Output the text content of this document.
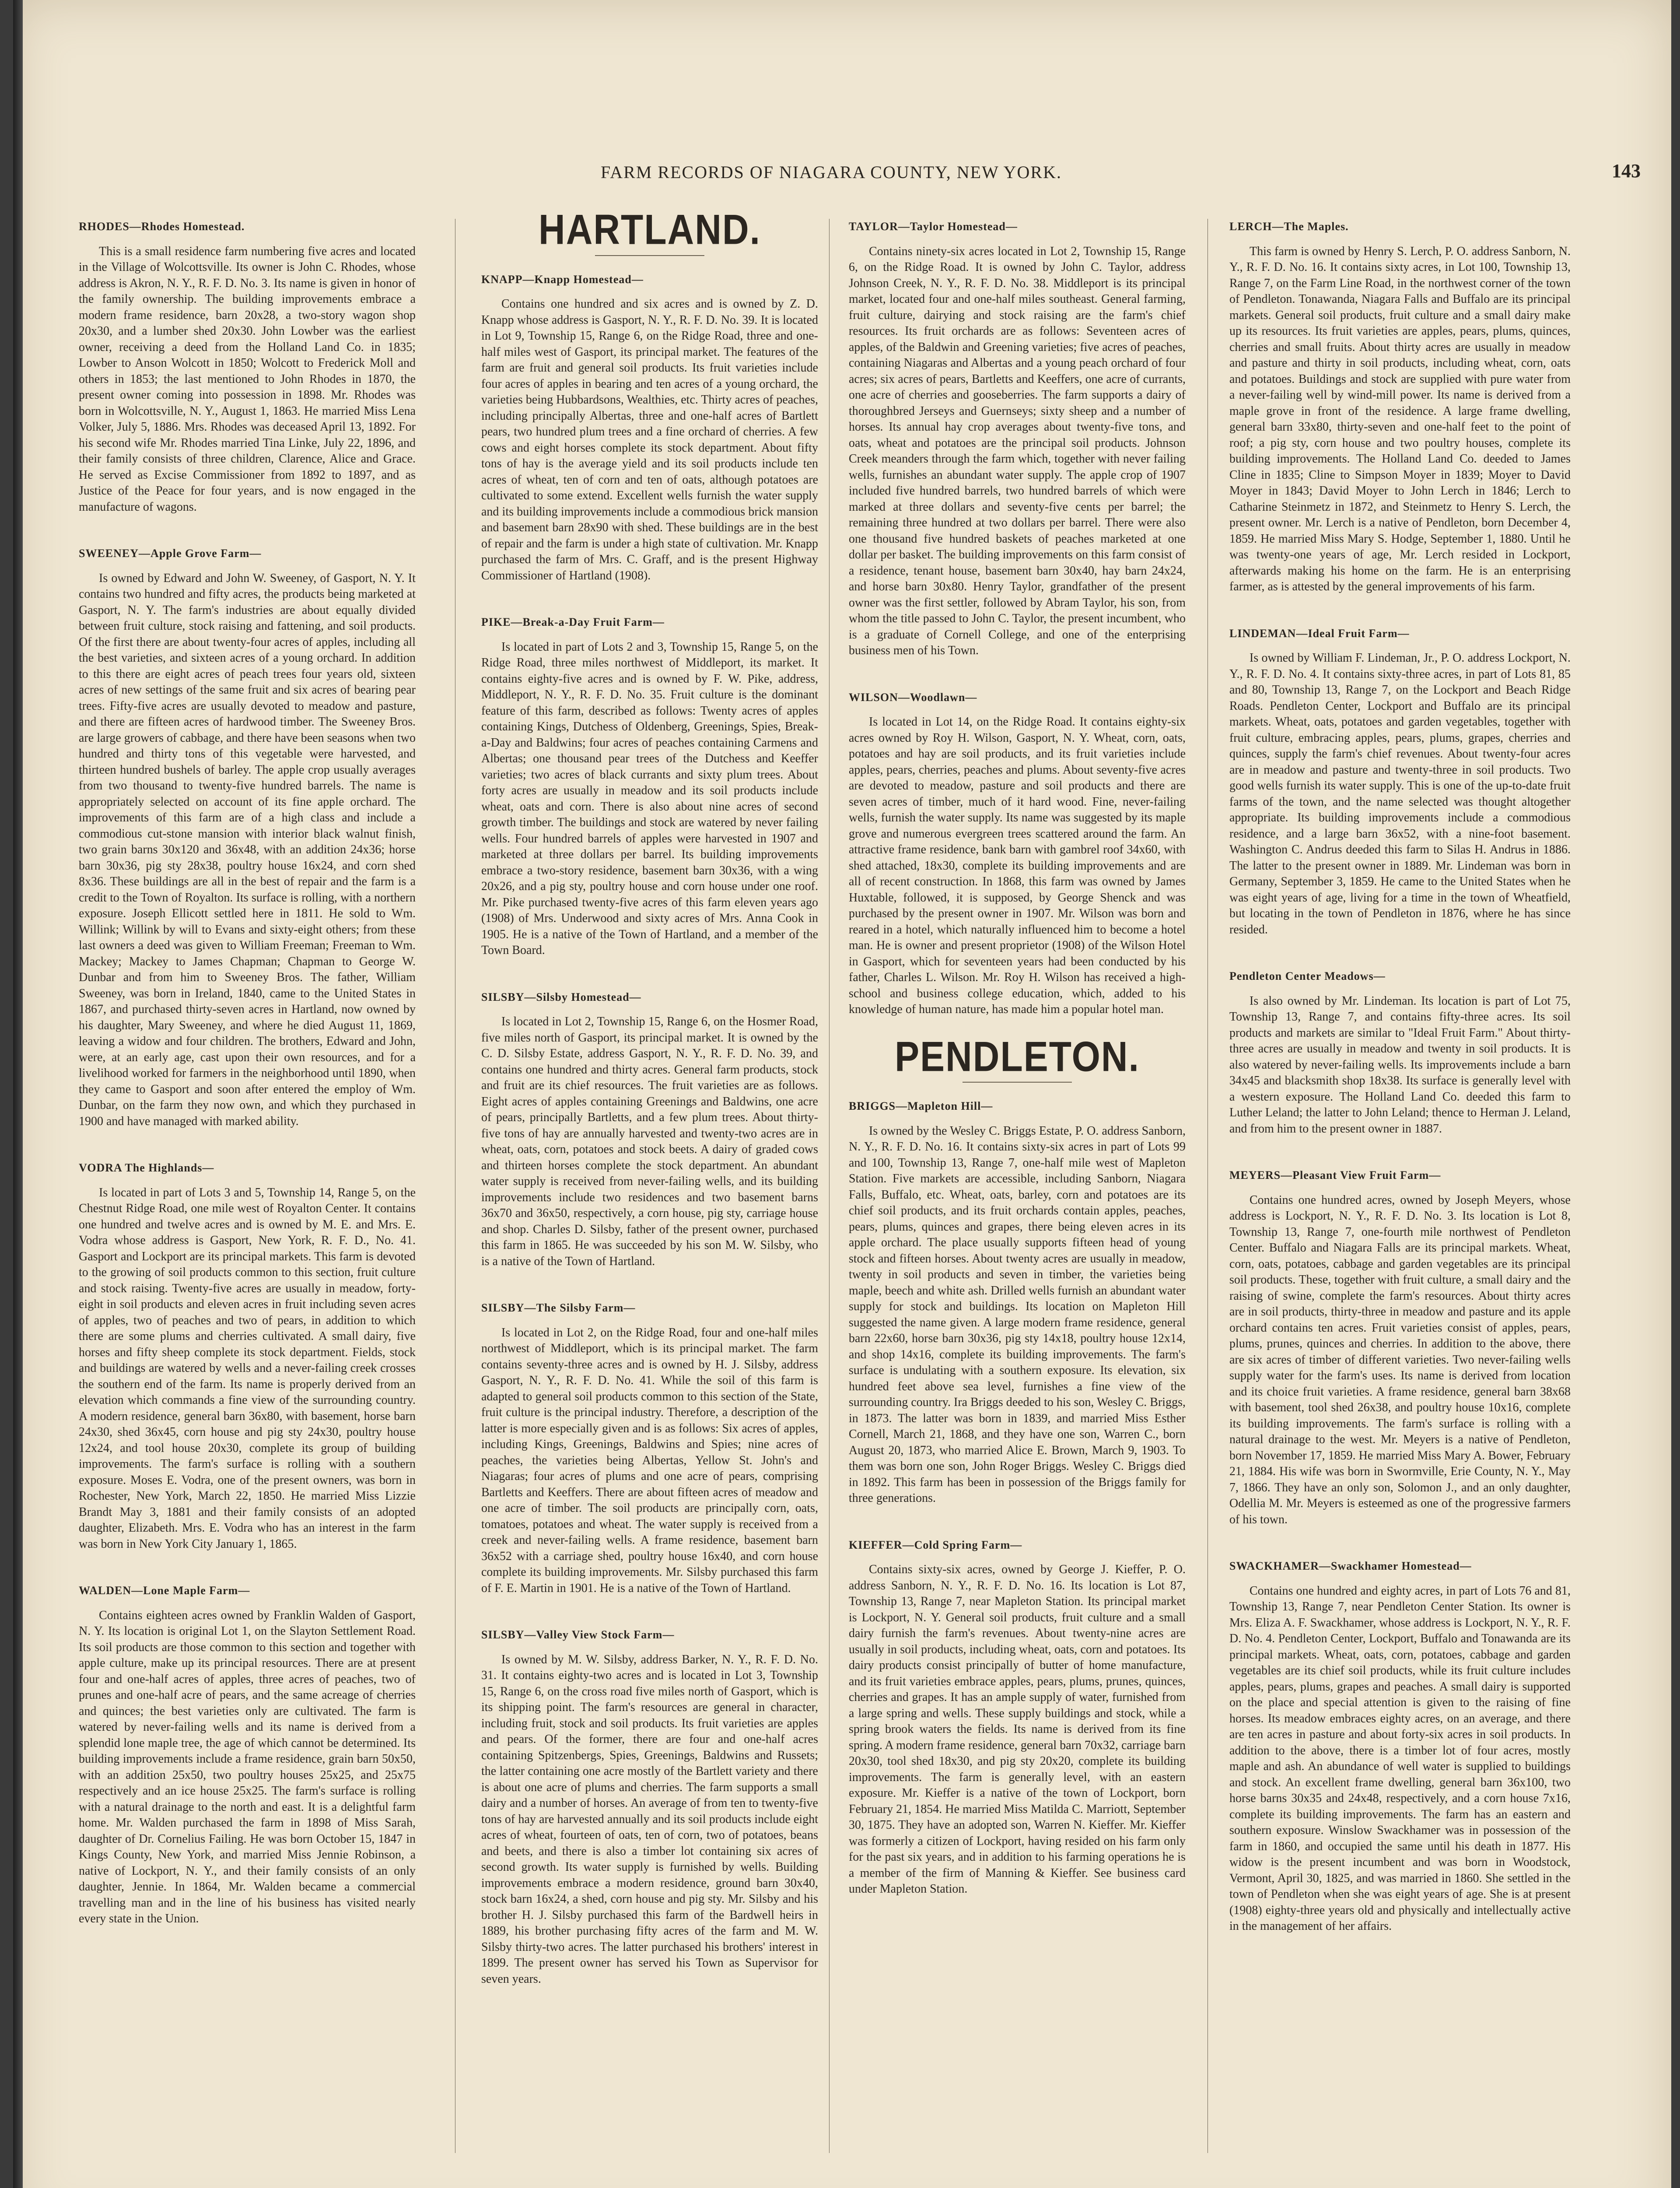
FARM RECORDS OF NIAGARA COUNTY, NEW YORK.	143
RHODES—Rhodes Homestead.
This is a small residence farm numbering five acres and located in the Village of Wolcottsville. Its owner is John C. Rhodes, whose address is Akron, N. Y., R. F. D. No. 3. Its name is given in honor of the family ownership. The building improvements embrace a modern frame residence, barn 20x28, a two-story wagon shop 20x30, and a lumber shed 20x30. John Lowber was the earliest owner, receiving a deed from the Holland Land Co. in 1835; Lowber to Anson Wolcott in 1850; Wolcott to Frederick Moll and others in 1853; the last mentioned to John Rhodes in 1870, the present owner coming into possession in 1898. Mr. Rhodes was born in Wolcottsville, N. Y., August 1, 1863. He married Miss Lena Volker, July 5, 1886. Mrs. Rhodes was deceased April 13, 1892. For his second wife Mr. Rhodes married Tina Linke, July 22, 1896, and their family consists of three children, Clarence, Alice and Grace. He served as Excise Commissioner from 1892 to 1897, and as Justice of the Peace for four years, and is now engaged in the manufacture of wagons.
SWEENEY—Apple Grove Farm—
Is owned by Edward and John W. Sweeney, of Gasport, N. Y. It contains two hundred and fifty acres, the products being marketed at Gasport, N. Y. The farm's industries are about equally divided between fruit culture, stock raising and fattening, and soil products. Of the first there are about twenty-four acres of apples, including all the best varieties, and sixteen acres of a young orchard. In addition to this there are eight acres of peach trees four years old, sixteen acres of new settings of the same fruit and six acres of bearing pear trees. Fifty-five acres are usually devoted to meadow and pasture, and there are fifteen acres of hardwood timber. The Sweeney Bros. are large growers of cabbage, and there have been seasons when two hundred and thirty tons of this vegetable were harvested, and thirteen hundred bushels of barley. The apple crop usually averages from two thousand to twenty-five hundred barrels. The name is appropriately selected on account of its fine apple orchard. The improvements of this farm are of a high class and include a commodious cut-stone mansion with interior black walnut finish, two grain barns 30x120 and 36x48, with an addition 24x36; horse barn 30x36, pig sty 28x38, poultry house 16x24, and corn shed 8x36. These buildings are all in the best of repair and the farm is a credit to the Town of Royalton. Its surface is rolling, with a northern exposure. Joseph Ellicott settled here in 1811. He sold to Wm. Willink; Willink by will to Evans and sixty-eight others; from these last owners a deed was given to William Freeman; Freeman to Wm. Mackey; Mackey to James Chapman; Chapman to George W. Dunbar and from him to Sweeney Bros. The father, William Sweeney, was born in Ireland, 1840, came to the United States in 1867, and purchased thirty-seven acres in Hartland, now owned by his daughter, Mary Sweeney, and where he died August 11, 1869, leaving a widow and four children. The brothers, Edward and John, were, at an early age, cast upon their own resources, and for a livelihood worked for farmers in the neighborhood until 1890, when they came to Gasport and soon after entered the employ of Wm. Dunbar, on the farm they now own, and which they purchased in 1900 and have managed with marked ability.
VODRA The Highlands—
Is located in part of Lots 3 and 5, Township 14, Range 5, on the Chestnut Ridge Road, one mile west of Royalton Center. It contains one hundred and twelve acres and is owned by M. E. and Mrs. E. Vodra whose address is Gasport, New York, R. F. D., No. 41. Gasport and Lockport are its principal markets. This farm is devoted to the growing of soil products common to this section, fruit culture and stock raising. Twenty-five acres are usually in meadow, forty-eight in soil products and eleven acres in fruit including seven acres of apples, two of peaches and two of pears, in addition to which there are some plums and cherries cultivated. A small dairy, five horses and fifty sheep complete its stock department. Fields, stock and buildings are watered by wells and a never-failing creek crosses the southern end of the farm. Its name is properly derived from an elevation which commands a fine view of the surrounding country. A modern residence, general barn 36x80, with basement, horse barn 24x30, shed 36x45, corn house and pig sty 24x30, poultry house 12x24, and tool house 20x30, complete its group of building improvements. The farm's surface is rolling with a southern exposure. Moses E. Vodra, one of the present owners, was born in Rochester, New York, March 22, 1850. He married Miss Lizzie Brandt May 3, 1881 and their family consists of an adopted daughter, Elizabeth. Mrs. E. Vodra who has an interest in the farm was born in New York City January 1, 1865.
WALDEN—Lone Maple Farm—
Contains eighteen acres owned by Franklin Walden of Gasport, N. Y. Its location is original Lot 1, on the Slayton Settlement Road. Its soil products are those common to this section and together with apple culture, make up its principal resources. There are at present four and one-half acres of apples, three acres of peaches, two of prunes and one-half acre of pears, and the same acreage of cherries and quinces; the best varieties only are cultivated. The farm is watered by never-failing wells and its name is derived from a splendid lone maple tree, the age of which cannot be determined. Its building improvements include a frame residence, grain barn 50x50, with an addition 25x50, two poultry houses 25x25, and 25x75 respectively and an ice house 25x25. The farm's surface is rolling with a natural drainage to the north and east. It is a delightful farm home. Mr. Walden purchased the farm in 1898 of Miss Sarah, daughter of Dr. Cornelius Failing. He was born October 15, 1847 in Kings County, New York, and married Miss Jennie Robinson, a native of Lockport, N. Y., and their family consists of an only daughter, Jennie. In 1864, Mr. Walden became a commercial travelling man and in the line of his business has visited nearly every state in the Union.
HARTLAND.
KNAPP—Knapp Homestead—
Contains one hundred and six acres and is owned by Z. D. Knapp whose address is Gasport, N. Y., R. F. D. No. 39. It is located in Lot 9, Township 15, Range 6, on the Ridge Road, three and one-half miles west of Gasport, its principal market. The features of the farm are fruit and general soil products. Its fruit varieties include four acres of apples in bearing and ten acres of a young orchard, the varieties being Hubbardsons, Wealthies, etc. Thirty acres of peaches, including principally Albertas, three and one-half acres of Bartlett pears, two hundred plum trees and a fine orchard of cherries. A few cows and eight horses complete its stock department. About fifty tons of hay is the average yield and its soil products include ten acres of wheat, ten of corn and ten of oats, although potatoes are cultivated to some extend. Excellent wells furnish the water supply and its building improvements include a commodious brick mansion and basement barn 28x90 with shed. These buildings are in the best of repair and the farm is under a high state of cultivation. Mr. Knapp purchased the farm of Mrs. C. Graff, and is the present Highway Commissioner of Hartland (1908).
PIKE—Break-a-Day Fruit Farm—
Is located in part of Lots 2 and 3, Township 15, Range 5, on the Ridge Road, three miles northwest of Middleport, its market. It contains eighty-five acres and is owned by F. W. Pike, address, Middleport, N. Y., R. F. D. No. 35. Fruit culture is the dominant feature of this farm, described as follows: Twenty acres of apples containing Kings, Dutchess of Oldenberg, Greenings, Spies, Break-a-Day and Baldwins; four acres of peaches containing Carmens and Albertas; one thousand pear trees of the Dutchess and Keeffer varieties; two acres of black currants and sixty plum trees. About forty acres are usually in meadow and its soil products include wheat, oats and corn. There is also about nine acres of second growth timber. The buildings and stock are watered by never failing wells. Four hundred barrels of apples were harvested in 1907 and marketed at three dollars per barrel. Its building improvements embrace a two-story residence, basement barn 30x36, with a wing 20x26, and a pig sty, poultry house and corn house under one roof. Mr. Pike purchased twenty-five acres of this farm eleven years ago (1908) of Mrs. Underwood and sixty acres of Mrs. Anna Cook in 1905. He is a native of the Town of Hartland, and a member of the Town Board.
SILSBY—Silsby Homestead—
Is located in Lot 2, Township 15, Range 6, on the Hosmer Road, five miles north of Gasport, its principal market. It is owned by the C. D. Silsby Estate, address Gasport, N. Y., R. F. D. No. 39, and contains one hundred and thirty acres. General farm products, stock and fruit are its chief resources. The fruit varieties are as follows. Eight acres of apples containing Greenings and Baldwins, one acre of pears, principally Bartletts, and a few plum trees. About thirty-five tons of hay are annually harvested and twenty-two acres are in wheat, oats, corn, potatoes and stock beets. A dairy of graded cows and thirteen horses complete the stock department. An abundant water supply is received from never-failing wells, and its building improvements include two residences and two basement barns 36x70 and 36x50, respectively, a corn house, pig sty, carriage house and shop. Charles D. Silsby, father of the present owner, purchased this farm in 1865. He was succeeded by his son M. W. Silsby, who is a native of the Town of Hartland.
SILSBY—The Silsby Farm—
Is located in Lot 2, on the Ridge Road, four and one-half miles northwest of Middleport, which is its principal market. The farm contains seventy-three acres and is owned by H. J. Silsby, address Gasport, N. Y., R. F. D. No. 41. While the soil of this farm is adapted to general soil products common to this section of the State, fruit culture is the principal industry. Therefore, a description of the latter is more especially given and is as follows: Six acres of apples, including Kings, Greenings, Baldwins and Spies; nine acres of peaches, the varieties being Albertas, Yellow St. John's and Niagaras; four acres of plums and one acre of pears, comprising Bartletts and Keeffers. There are about fifteen acres of meadow and one acre of timber. The soil products are principally corn, oats, tomatoes, potatoes and wheat. The water supply is received from a creek and never-failing wells. A frame residence, basement barn 36x52 with a carriage shed, poultry house 16x40, and corn house complete its building improvements. Mr. Silsby purchased this farm of F. E. Martin in 1901. He is a native of the Town of Hartland.
SILSBY—Valley View Stock Farm—
Is owned by M. W. Silsby, address Barker, N. Y., R. F. D. No. 31. It contains eighty-two acres and is located in Lot 3, Township 15, Range 6, on the cross road five miles north of Gasport, which is its shipping point. The farm's resources are general in character, including fruit, stock and soil products. Its fruit varieties are apples and pears. Of the former, there are four and one-half acres containing Spitzenbergs, Spies, Greenings, Baldwins and Russets; the latter containing one acre mostly of the Bartlett variety and there is about one acre of plums and cherries. The farm supports a small dairy and a number of horses. An average of from ten to twenty-five tons of hay are harvested annually and its soil products include eight acres of wheat, fourteen of oats, ten of corn, two of potatoes, beans and beets, and there is also a timber lot containing six acres of second growth. Its water supply is furnished by wells. Building improvements embrace a modern residence, ground barn 30x40, stock barn 16x24, a shed, corn house and pig sty. Mr. Silsby and his brother H. J. Silsby purchased this farm of the Bardwell heirs in 1889, his brother purchasing fifty acres of the farm and M. W. Silsby thirty-two acres. The latter purchased his brothers' interest in 1899. The present owner has served his Town as Supervisor for seven years.
TAYLOR—Taylor Homestead—
Contains ninety-six acres located in Lot 2, Township 15, Range 6, on the Ridge Road. It is owned by John C. Taylor, address Johnson Creek, N. Y., R. F. D. No. 38. Middleport is its principal market, located four and one-half miles southeast. General farming, fruit culture, dairying and stock raising are the farm's chief resources. Its fruit orchards are as follows: Seventeen acres of apples, of the Baldwin and Greening varieties; five acres of peaches, containing Niagaras and Albertas and a young peach orchard of four acres; six acres of pears, Bartletts and Keeffers, one acre of currants, one acre of cherries and gooseberries. The farm supports a dairy of thoroughbred Jerseys and Guernseys; sixty sheep and a number of horses. Its annual hay crop averages about twenty-five tons, and oats, wheat and potatoes are the principal soil products. Johnson Creek meanders through the farm which, together with never failing wells, furnishes an abundant water supply. The apple crop of 1907 included five hundred barrels, two hundred barrels of which were marked at three dollars and seventy-five cents per barrel; the remaining three hundred at two dollars per barrel. There were also one thousand five hundred baskets of peaches marketed at one dollar per basket. The building improvements on this farm consist of a residence, tenant house, basement barn 30x40, hay barn 24x24, and horse barn 30x80. Henry Taylor, grandfather of the present owner was the first settler, followed by Abram Taylor, his son, from whom the title passed to John C. Taylor, the present incumbent, who is a graduate of Cornell College, and one of the enterprising business men of his Town.
WILSON—Woodlawn—
Is located in Lot 14, on the Ridge Road. It contains eighty-six acres owned by Roy H. Wilson, Gasport, N. Y. Wheat, corn, oats, potatoes and hay are soil products, and its fruit varieties include apples, pears, cherries, peaches and plums. About seventy-five acres are devoted to meadow, pasture and soil products and there are seven acres of timber, much of it hard wood. Fine, never-failing wells, furnish the water supply. Its name was suggested by its maple grove and numerous evergreen trees scattered around the farm. An attractive frame residence, bank barn with gambrel roof 34x60, with shed attached, 18x30, complete its building improvements and are all of recent construction. In 1868, this farm was owned by James Huxtable, followed, it is supposed, by George Shenck and was purchased by the present owner in 1907. Mr. Wilson was born and reared in a hotel, which naturally influenced him to become a hotel man. He is owner and present proprietor (1908) of the Wilson Hotel in Gasport, which for seventeen years had been conducted by his father, Charles L. Wilson. Mr. Roy H. Wilson has received a high-school and business college education, which, added to his knowledge of human nature, has made him a popular hotel man.
PENDLETON.
BRIGGS—Mapleton Hill—
Is owned by the Wesley C. Briggs Estate, P. O. address Sanborn, N. Y., R. F. D. No. 16. It contains sixty-six acres in part of Lots 99 and 100, Township 13, Range 7, one-half mile west of Mapleton Station. Five markets are accessible, including Sanborn, Niagara Falls, Buffalo, etc. Wheat, oats, barley, corn and potatoes are its chief soil products, and its fruit orchards contain apples, peaches, pears, plums, quinces and grapes, there being eleven acres in its apple orchard. The place usually supports fifteen head of young stock and fifteen horses. About twenty acres are usually in meadow, twenty in soil products and seven in timber, the varieties being maple, beech and white ash. Drilled wells furnish an abundant water supply for stock and buildings. Its location on Mapleton Hill suggested the name given. A large modern frame residence, general barn 22x60, horse barn 30x36, pig sty 14x18, poultry house 12x14, and shop 14x16, complete its building improvements. The farm's surface is undulating with a southern exposure. Its elevation, six hundred feet above sea level, furnishes a fine view of the surrounding country. Ira Briggs deeded to his son, Wesley C. Briggs, in 1873. The latter was born in 1839, and married Miss Esther Cornell, March 21, 1868, and they have one son, Warren C., born August 20, 1873, who married Alice E. Brown, March 9, 1903. To them was born one son, John Roger Briggs. Wesley C. Briggs died in 1892. This farm has been in possession of the Briggs family for three generations.
KIEFFER—Cold Spring Farm—
Contains sixty-six acres, owned by George J. Kieffer, P. O. address Sanborn, N. Y., R. F. D. No. 16. Its location is Lot 87, Township 13, Range 7, near Mapleton Station. Its principal market is Lockport, N. Y. General soil products, fruit culture and a small dairy furnish the farm's revenues. About twenty-nine acres are usually in soil products, including wheat, oats, corn and potatoes. Its dairy products consist principally of butter of home manufacture, and its fruit varieties embrace apples, pears, plums, prunes, quinces, cherries and grapes. It has an ample supply of water, furnished from a large spring and wells. These supply buildings and stock, while a spring brook waters the fields. Its name is derived from its fine spring. A modern frame residence, general barn 70x32, carriage barn 20x30, tool shed 18x30, and pig sty 20x20, complete its building improvements. The farm is generally level, with an eastern exposure. Mr. Kieffer is a native of the town of Lockport, born February 21, 1854. He married Miss Matilda C. Marriott, September 30, 1875. They have an adopted son, Warren N. Kieffer. Mr. Kieffer was formerly a citizen of Lockport, having resided on his farm only for the past six years, and in addition to his farming operations he is a member of the firm of Manning & Kieffer. See business card under Mapleton Station.
LERCH—The Maples.
This farm is owned by Henry S. Lerch, P. O. address Sanborn, N. Y., R. F. D. No. 16. It contains sixty acres, in Lot 100, Township 13, Range 7, on the Farm Line Road, in the northwest corner of the town of Pendleton. Tonawanda, Niagara Falls and Buffalo are its principal markets. General soil products, fruit culture and a small dairy make up its resources. Its fruit varieties are apples, pears, plums, quinces, cherries and small fruits. About thirty acres are usually in meadow and pasture and thirty in soil products, including wheat, corn, oats and potatoes. Buildings and stock are supplied with pure water from a never-failing well by wind-mill power. Its name is derived from a maple grove in front of the residence. A large frame dwelling, general barn 33x80, thirty-seven and one-half feet to the point of roof; a pig sty, corn house and two poultry houses, complete its building improvements. The Holland Land Co. deeded to James Cline in 1835; Cline to Simpson Moyer in 1839; Moyer to David Moyer in 1843; David Moyer to John Lerch in 1846; Lerch to Catharine Steinmetz in 1872, and Steinmetz to Henry S. Lerch, the present owner. Mr. Lerch is a native of Pendleton, born December 4, 1859. He married Miss Mary S. Hodge, September 1, 1880. Until he was twenty-one years of age, Mr. Lerch resided in Lockport, afterwards making his home on the farm. He is an enterprising farmer, as is attested by the general improvements of his farm.
LINDEMAN—Ideal Fruit Farm—
Is owned by William F. Lindeman, Jr., P. O. address Lockport, N. Y., R. F. D. No. 4. It contains sixty-three acres, in part of Lots 81, 85 and 80, Township 13, Range 7, on the Lockport and Beach Ridge Roads. Pendleton Center, Lockport and Buffalo are its principal markets. Wheat, oats, potatoes and garden vegetables, together with fruit culture, embracing apples, pears, plums, grapes, cherries and quinces, supply the farm's chief revenues. About twenty-four acres are in meadow and pasture and twenty-three in soil products. Two good wells furnish its water supply. This is one of the up-to-date fruit farms of the town, and the name selected was thought altogether appropriate. Its building improvements include a commodious residence, and a large barn 36x52, with a nine-foot basement. Washington C. Andrus deeded this farm to Silas H. Andrus in 1886. The latter to the present owner in 1889. Mr. Lindeman was born in Germany, September 3, 1859. He came to the United States when he was eight years of age, living for a time in the town of Wheatfield, but locating in the town of Pendleton in 1876, where he has since resided.
Pendleton Center Meadows—
Is also owned by Mr. Lindeman. Its location is part of Lot 75, Township 13, Range 7, and contains fifty-three acres. Its soil products and markets are similar to "Ideal Fruit Farm." About thirty-three acres are usually in meadow and twenty in soil products. It is also watered by never-failing wells. Its improvements include a barn 34x45 and blacksmith shop 18x38. Its surface is generally level with a western exposure. The Holland Land Co. deeded this farm to Luther Leland; the latter to John Leland; thence to Herman J. Leland, and from him to the present owner in 1887.
MEYERS—Pleasant View Fruit Farm—
Contains one hundred acres, owned by Joseph Meyers, whose address is Lockport, N. Y., R. F. D. No. 3. Its location is Lot 8, Township 13, Range 7, one-fourth mile northwest of Pendleton Center. Buffalo and Niagara Falls are its principal markets. Wheat, corn, oats, potatoes, cabbage and garden vegetables are its principal soil products. These, together with fruit culture, a small dairy and the raising of swine, complete the farm's resources. About thirty acres are in soil products, thirty-three in meadow and pasture and its apple orchard contains ten acres. Fruit varieties consist of apples, pears, plums, prunes, quinces and cherries. In addition to the above, there are six acres of timber of different varieties. Two never-failing wells supply water for the farm's uses. Its name is derived from location and its choice fruit varieties. A frame residence, general barn 38x68 with basement, tool shed 26x38, and poultry house 10x16, complete its building improvements. The farm's surface is rolling with a natural drainage to the west. Mr. Meyers is a native of Pendleton, born November 17, 1859. He married Miss Mary A. Bower, February 21, 1884. His wife was born in Swormville, Erie County, N. Y., May 7, 1866. They have an only son, Solomon J., and an only daughter, Odellia M. Mr. Meyers is esteemed as one of the progressive farmers of his town.
SWACKHAMER—Swackhamer Homestead—
Contains one hundred and eighty acres, in part of Lots 76 and 81, Township 13, Range 7, near Pendleton Center Station. Its owner is Mrs. Eliza A. F. Swackhamer, whose address is Lockport, N. Y., R. F. D. No. 4. Pendleton Center, Lockport, Buffalo and Tonawanda are its principal markets. Wheat, oats, corn, potatoes, cabbage and garden vegetables are its chief soil products, while its fruit culture includes apples, pears, plums, grapes and peaches. A small dairy is supported on the place and special attention is given to the raising of fine horses. Its meadow embraces eighty acres, on an average, and there are ten acres in pasture and about forty-six acres in soil products. In addition to the above, there is a timber lot of four acres, mostly maple and ash. An abundance of well water is supplied to buildings and stock. An excellent frame dwelling, general barn 36x100, two horse barns 30x35 and 24x48, respectively, and a corn house 7x16, complete its building improvements. The farm has an eastern and southern exposure. Winslow Swackhamer was in possession of the farm in 1860, and occupied the same until his death in 1877. His widow is the present incumbent and was born in Woodstock, Vermont, April 30, 1825, and was married in 1860. She settled in the town of Pendleton when she was eight years of age. She is at present (1908) eighty-three years old and physically and intellectually active in the management of her affairs.
